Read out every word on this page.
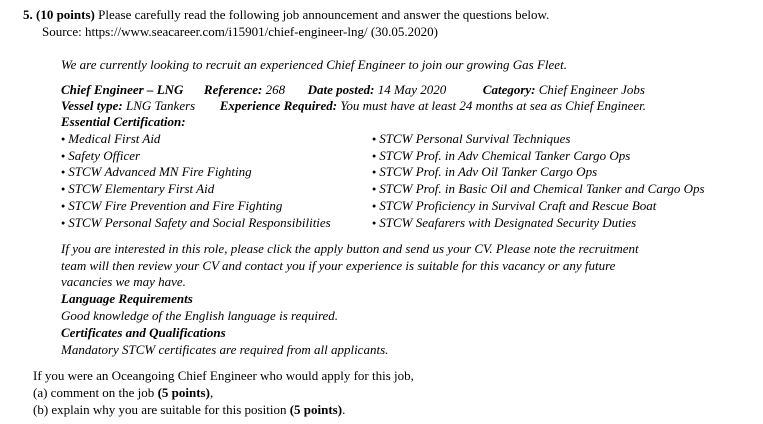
5. (10 points) Please carefully read the following job announcement and answer the questions below.
Source: https://www.seacareer.com/i15901/chief-engineer-lng/ (30.05.2020)
We are currently looking to recruit an experienced Chief Engineer to join our growing Gas Fleet.
Chief Engineer – LNG Reference: 268 Date posted: 14 May 2020	Category: Chief Engineer Jobs
Vessel type: LNG Tankers Experience Required: You must have at least 24 months at sea as Chief Engineer.
Essential Certification:
● Medical First Aid
● Safety Officer
● STCW Advanced MN Fire Fighting
● STCW Elementary First Aid
● STCW Fire Prevention and Fire Fighting
● STCW Personal Safety and Social Responsibilities
● STCW Personal Survival Techniques
● STCW Prof. in Adv Chemical Tanker Cargo Ops
● STCW Prof. in Adv Oil Tanker Cargo Ops
● STCW Prof. in Basic Oil and Chemical Tanker and Cargo Ops
● STCW Proficiency in Survival Craft and Rescue Boat
● STCW Seafarers with Designated Security Duties
If you are interested in this role, please click the apply button and send us your CV. Please note the recruitment
team will then review your CV and contact you if your experience is suitable for this vacancy or any future
vacancies we may have.
Language Requirements
Good knowledge of the English language is required.
Certificates and Qualifications
Mandatory STCW certificates are required from all applicants.
If you were an Oceangoing Chief Engineer who would apply for this job,
(a) comment on the job (5 points),
(b) explain why you are suitable for this position (5 points).
